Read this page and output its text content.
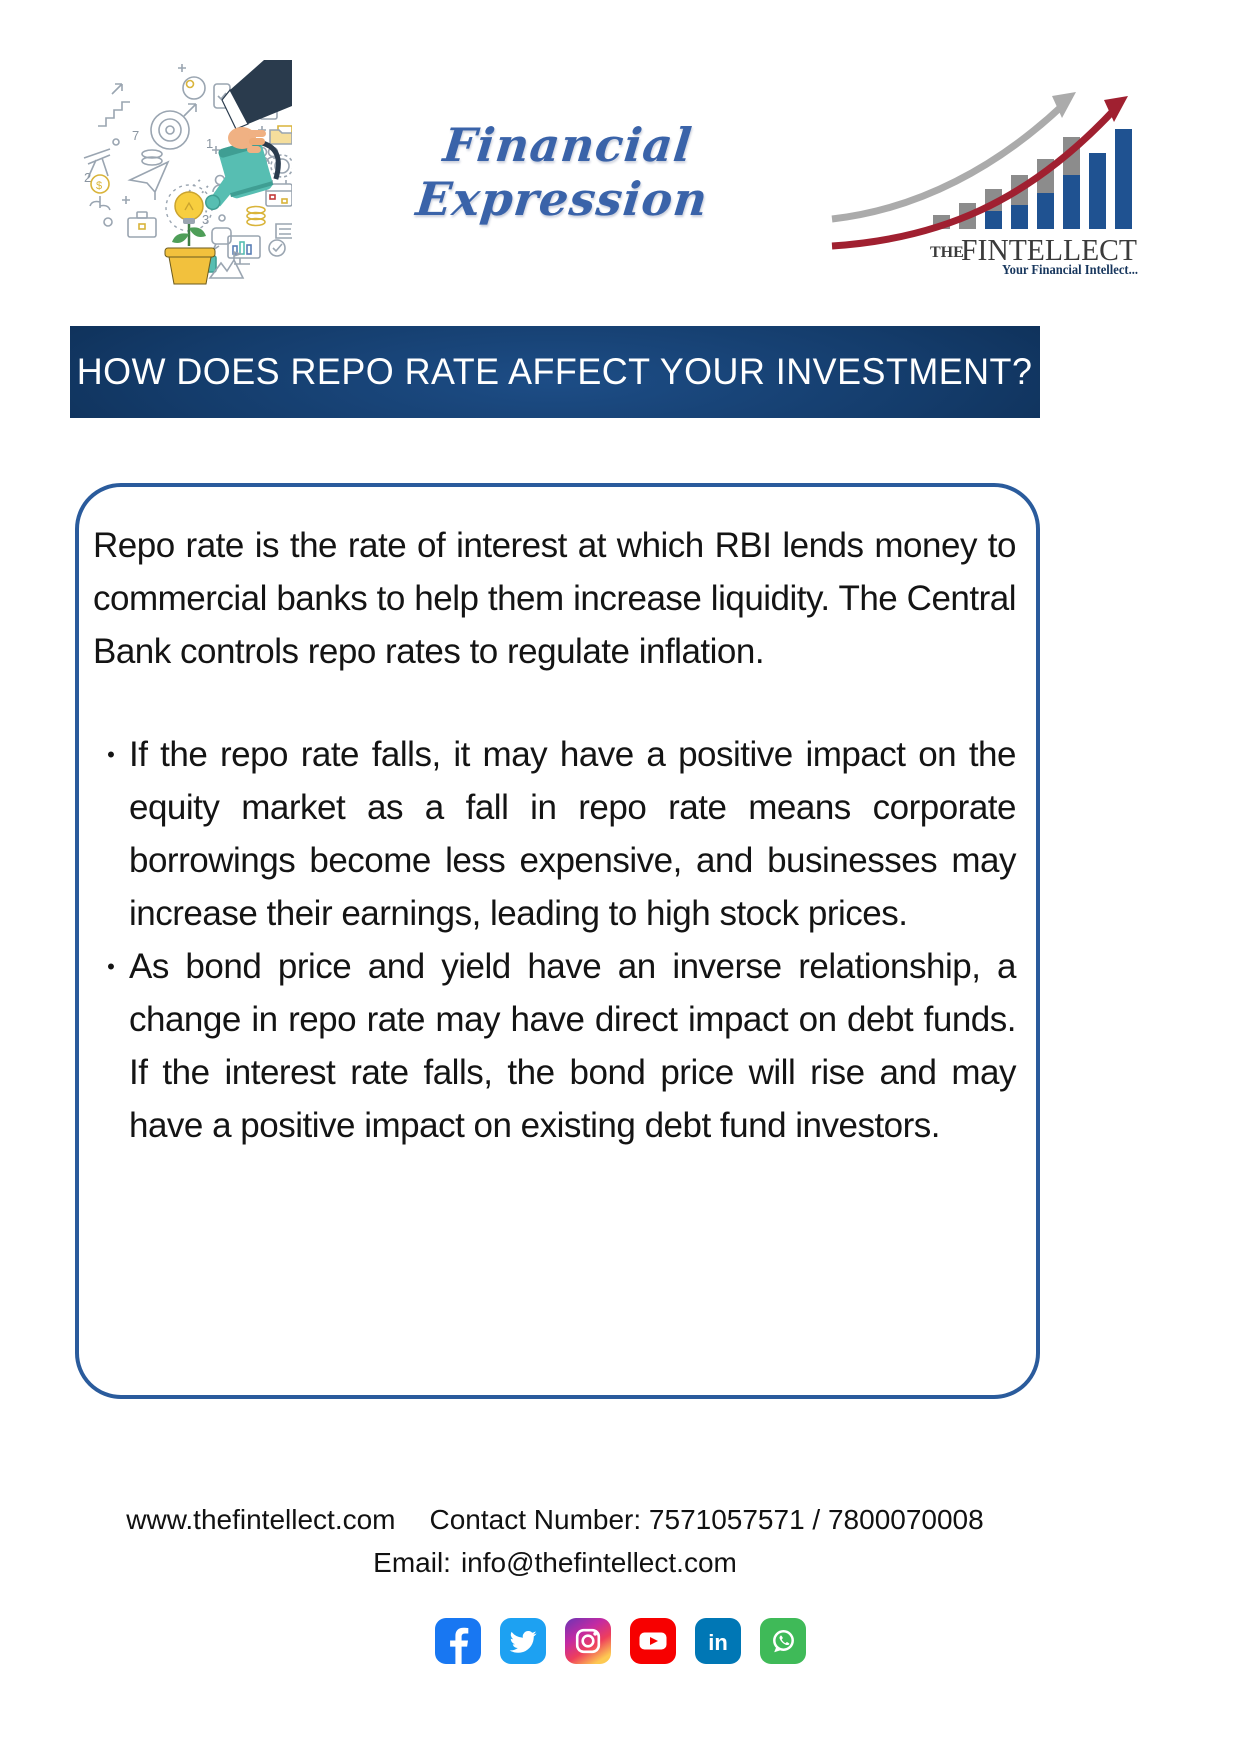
7
2
1
3
$
Financial Expression
THE
FINTELLECT
Your Financial Intellect...
HOW DOES REPO RATE AFFECT YOUR INVESTMENT?

Repo rate is the rate of interest at which RBI lends money to commercial banks to help them increase liquidity. The Central Bank controls repo rates to regulate inflation.

• If the repo rate falls, it may have a positive impact on the equity market as a fall in repo rate means corporate borrowings become less expensive, and businesses may increase their earnings, leading to high stock prices.
• As bond price and yield have an inverse relationship, a change in repo rate may have direct impact on debt funds. If the interest rate falls, the bond price will rise and may have a positive impact on existing debt fund investors.
www.thefintellect.com Contact Number: 7571057571 / 7800070008
Email: info@thefintellect.com
in
